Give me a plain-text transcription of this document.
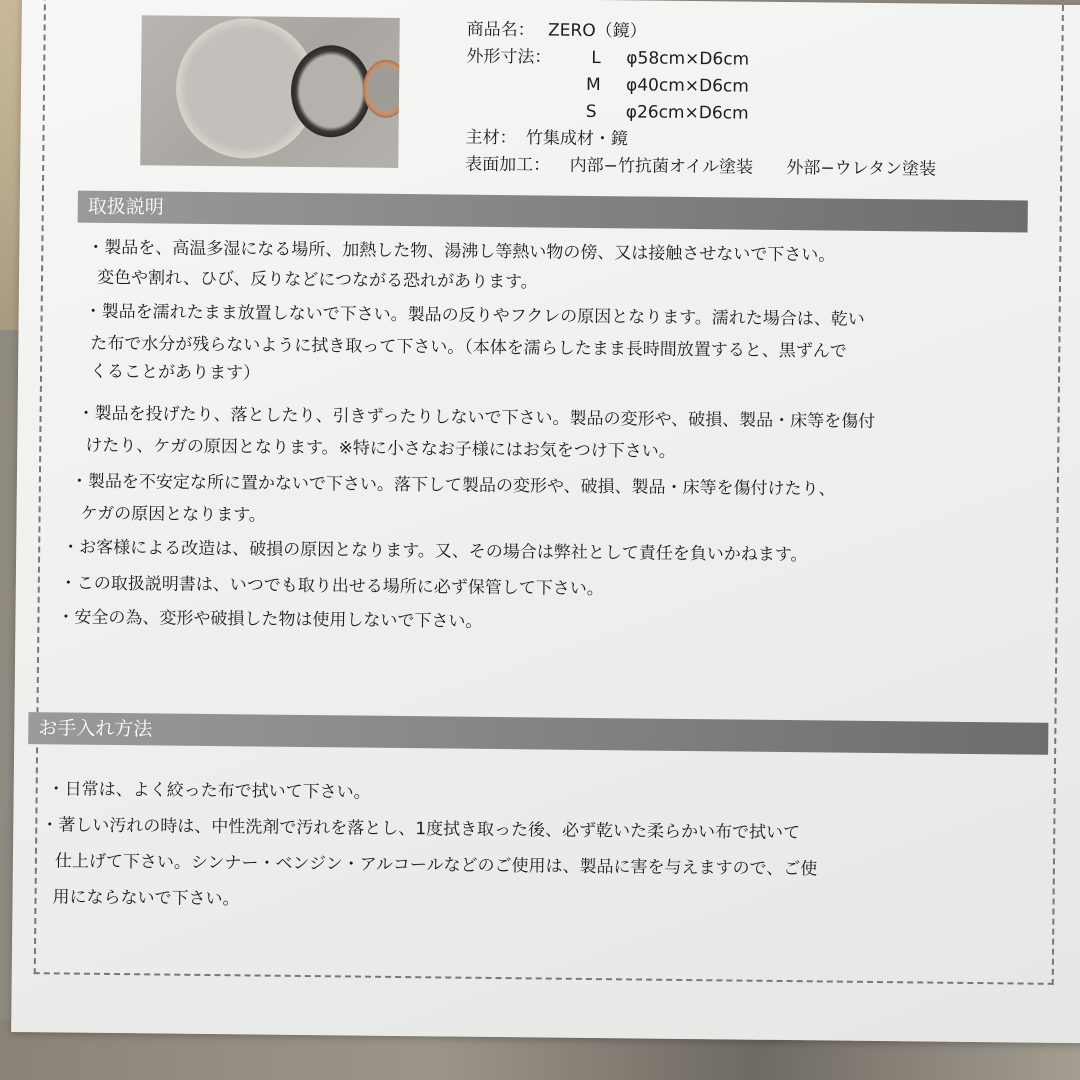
商品名： ZERO（鏡）
外形寸法： L φ58cm×D6cm
M φ40cm×D6cm
S φ26cm×D6cm
主材： 竹集成材・鏡
表面加工： 内部−竹抗菌オイル塗装 外部−ウレタン塗装
取扱説明
・製品を、高温多湿になる場所、加熱した物、湯沸し等熱い物の傍、又は接触させないで下さい。
変色や割れ、ひび、反りなどにつながる恐れがあります。
・製品を濡れたまま放置しないで下さい。製品の反りやフクレの原因となります。濡れた場合は、乾い
た布で水分が残らないように拭き取って下さい。（本体を濡らしたまま長時間放置すると、黒ずんで
くることがあります）
・製品を投げたり、落としたり、引きずったりしないで下さい。製品の変形や、破損、製品・床等を傷付
けたり、ケガの原因となります。※特に小さなお子様にはお気をつけ下さい。
・製品を不安定な所に置かないで下さい。落下して製品の変形や、破損、製品・床等を傷付けたり、
ケガの原因となります。
・お客様による改造は、破損の原因となります。又、その場合は弊社として責任を負いかねます。
・この取扱説明書は、いつでも取り出せる場所に必ず保管して下さい。
・安全の為、変形や破損した物は使用しないで下さい。
お手入れ方法
・日常は、よく絞った布で拭いて下さい。
・著しい汚れの時は、中性洗剤で汚れを落とし、1度拭き取った後、必ず乾いた柔らかい布で拭いて
仕上げて下さい。シンナー・ベンジン・アルコールなどのご使用は、製品に害を与えますので、ご使
用にならないで下さい。
